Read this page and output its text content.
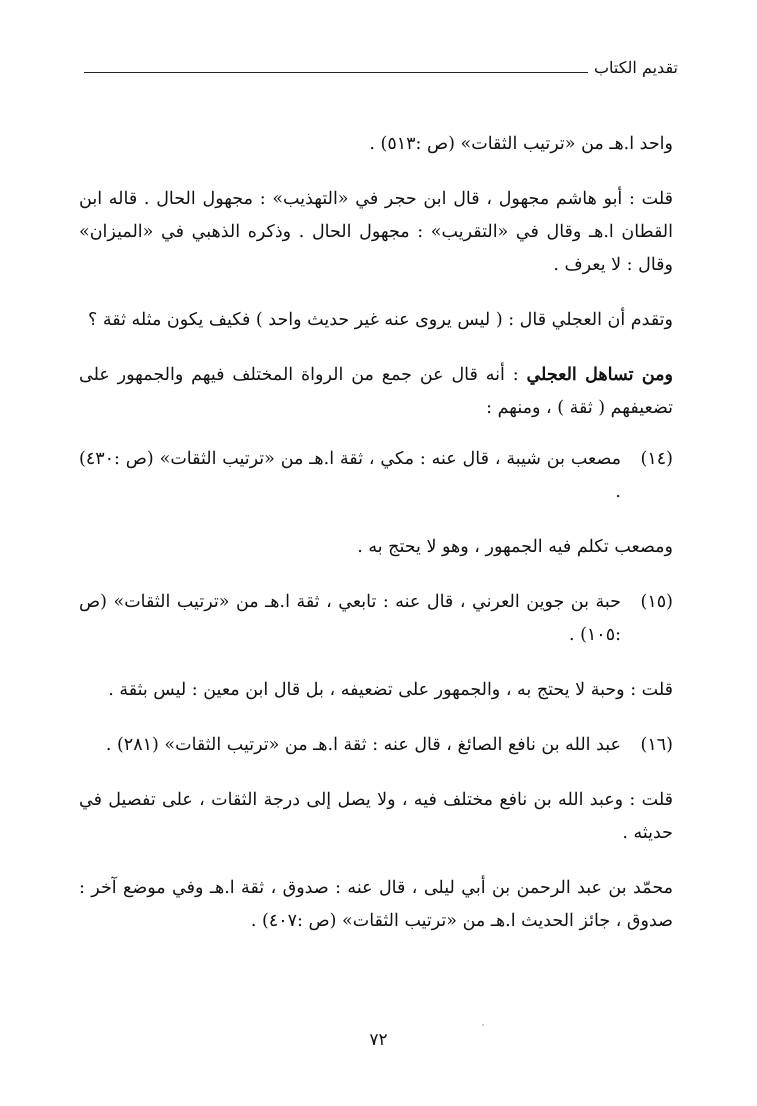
تقديم الكتاب

واحد ا.هـ من «ترتيب الثقات» (ص :٥١٣) .

قلت : أبو هاشم مجهول ، قال ابن حجر في «التهذيب» : مجهول الحال . قاله ابن القطان ا.هـ وقال في «التقريب» : مجهول الحال . وذكره الذهبي في «الميزان» وقال : لا يعرف .

وتقدم أن العجلي قال : ( ليس يروى عنه غير حديث واحد ) فكيف يكون مثله ثقة ؟

ومن تساهل العجلي : أنه قال عن جمع من الرواة المختلف فيهم والجمهور على تضعيفهم ( ثقة ) ، ومنهم :

(١٤)
مصعب بن شيبة ، قال عنه : مكي ، ثقة ا.هـ من «ترتيب الثقات» (ص :٤٣٠) .

ومصعب تكلم فيه الجمهور ، وهو لا يحتج به .

(١٥)
حبة بن جوين العرني ، قال عنه : تابعي ، ثقة ا.هـ من «ترتيب الثقات» (ص :١٠٥) .

قلت : وحبة لا يحتج به ، والجمهور على تضعيفه ، بل قال ابن معين : ليس بثقة .

(١٦)
عبد الله بن نافع الصائغ ، قال عنه : ثقة ا.هـ من «ترتيب الثقات» (٢٨١) .

قلت : وعبد الله بن نافع مختلف فيه ، ولا يصل إلى درجة الثقات ، على تفصيل في حديثه .

محمّد بن عبد الرحمن بن أبي ليلى ، قال عنه : صدوق ، ثقة ا.هـ وفي موضع آخر : صدوق ، جائز الحديث ا.هـ من «ترتيب الثقات» (ص :٤٠٧) .

٧٢
